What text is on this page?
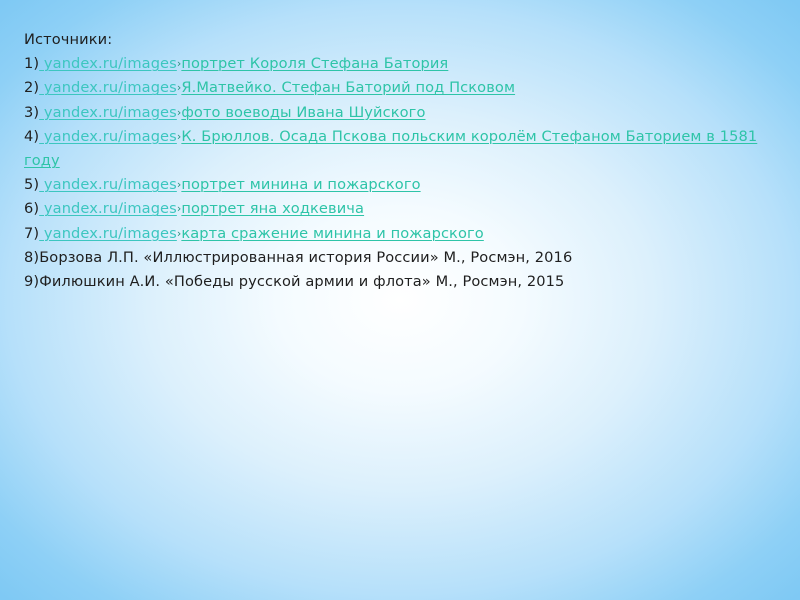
Источники:
1) yandex.ru/images›портрет Короля Стефана Батория
2) yandex.ru/images›Я.Матвейко. Стефан Баторий под Псковом
3) yandex.ru/images›фото воеводы Ивана Шуйского
4) yandex.ru/images›К. Брюллов. Осада Пскова польским королём Стефаном Баторием в 1581 году
5) yandex.ru/images›портрет минина и пожарского
6) yandex.ru/images›портрет яна ходкевича
7) yandex.ru/images›карта сражение минина и пожарского
8)Борзова Л.П. «Иллюстрированная история России» М., Росмэн, 2016
9)Филюшкин А.И. «Победы русской армии и флота» М., Росмэн, 2015
